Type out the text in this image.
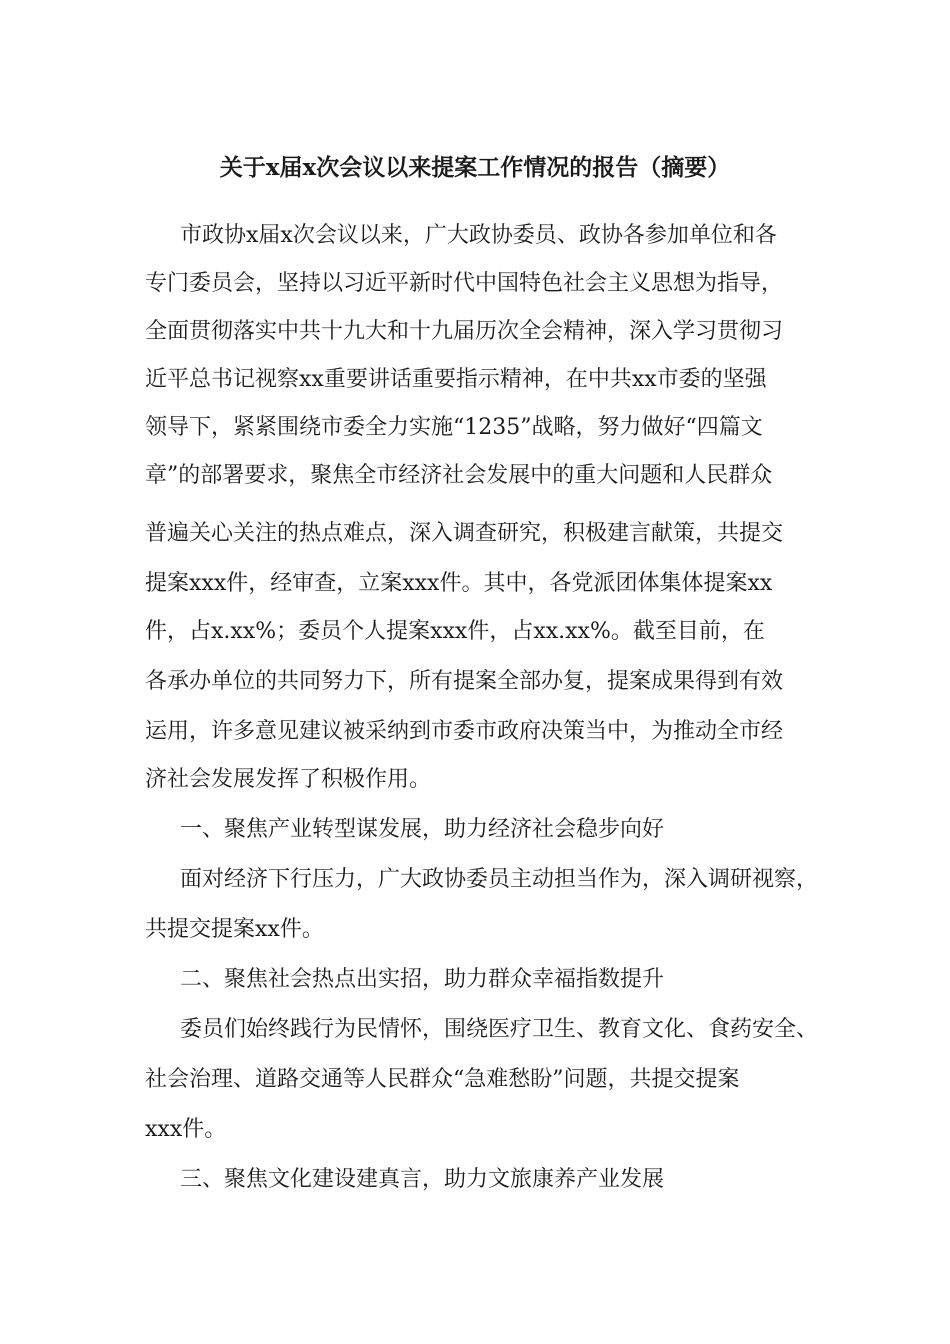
关于x届x次会议以来提案工作情况的报告（摘要）
市政协x届x次会议以来，广大政协委员、政协各参加单位和各
专门委员会，坚持以习近平新时代中国特色社会主义思想为指导，
全面贯彻落实中共十九大和十九届历次全会精神，深入学习贯彻习
近平总书记视察xx重要讲话重要指示精神，在中共xx市委的坚强
领导下，紧紧围绕市委全力实施“1235”战略，努力做好“四篇文
章”的部署要求，聚焦全市经济社会发展中的重大问题和人民群众
普遍关心关注的热点难点，深入调查研究，积极建言献策，共提交
提案xxx件，经审查，立案xxx件。其中，各党派团体集体提案xx
件，占x.xx%；委员个人提案xxx件，占xx.xx%。截至目前，在
各承办单位的共同努力下，所有提案全部办复，提案成果得到有效
运用，许多意见建议被采纳到市委市政府决策当中，为推动全市经
济社会发展发挥了积极作用。
一、聚焦产业转型谋发展，助力经济社会稳步向好
面对经济下行压力，广大政协委员主动担当作为，深入调研视察，
共提交提案xx件。
二、聚焦社会热点出实招，助力群众幸福指数提升
委员们始终践行为民情怀，围绕医疗卫生、教育文化、食药安全、
社会治理、道路交通等人民群众“急难愁盼”问题，共提交提案
xxx件。
三、聚焦文化建设建真言，助力文旅康养产业发展
